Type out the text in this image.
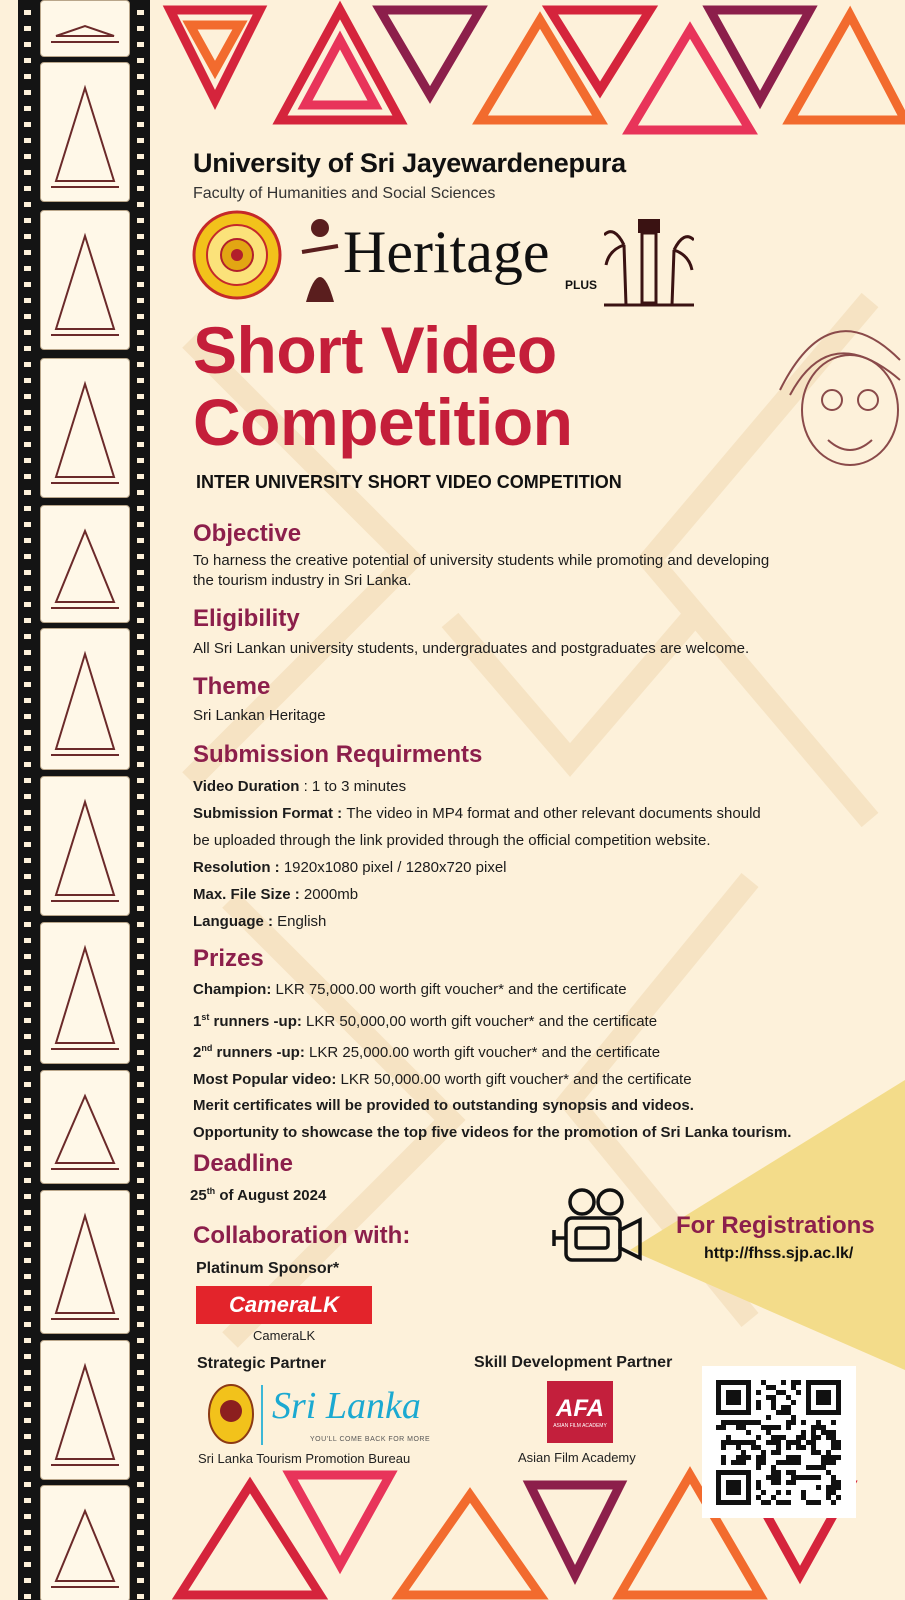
University of Sri Jayewardenepura
Faculty of Humanities and Social Sciences
Heritage PLUS
Short Video
Competition
INTER UNIVERSITY SHORT VIDEO COMPETITION
Objective
To harness the creative potential of university students while promoting and developing
the tourism industry in Sri Lanka.
Eligibility
All Sri Lankan university students, undergraduates and postgraduates are welcome.
Theme
Sri Lankan Heritage
Submission Requirments
Video Duration : 1 to 3 minutes
Submission Format : The video in MP4 format and other relevant documents should
be uploaded through the link provided through the official competition website.
Resolution : 1920x1080 pixel / 1280x720 pixel
Max. File Size : 2000mb
Language : English
Prizes
Champion: LKR 75,000.00 worth gift voucher* and the certificate
1st runners -up: LKR 50,000,00 worth gift voucher* and the certificate
2nd runners -up: LKR 25,000.00 worth gift voucher* and the certificate
Most Popular video: LKR 50,000.00 worth gift voucher* and the certificate
Merit certificates will be provided to outstanding synopsis and videos.
Opportunity to showcase the top five videos for the promotion of Sri Lanka tourism.
Deadline
25th of August 2024
For Registrations
http://fhss.sjp.ac.lk/
Collaboration with:
Platinum Sponsor*
CameraLK
CameraLK
Strategic Partner
Sri Lanka
YOU'LL COME BACK FOR MORE
Sri Lanka Tourism Promotion Bureau
Skill Development Partner
AFA
ASIAN FILM ACADEMY
Asian Film Academy
